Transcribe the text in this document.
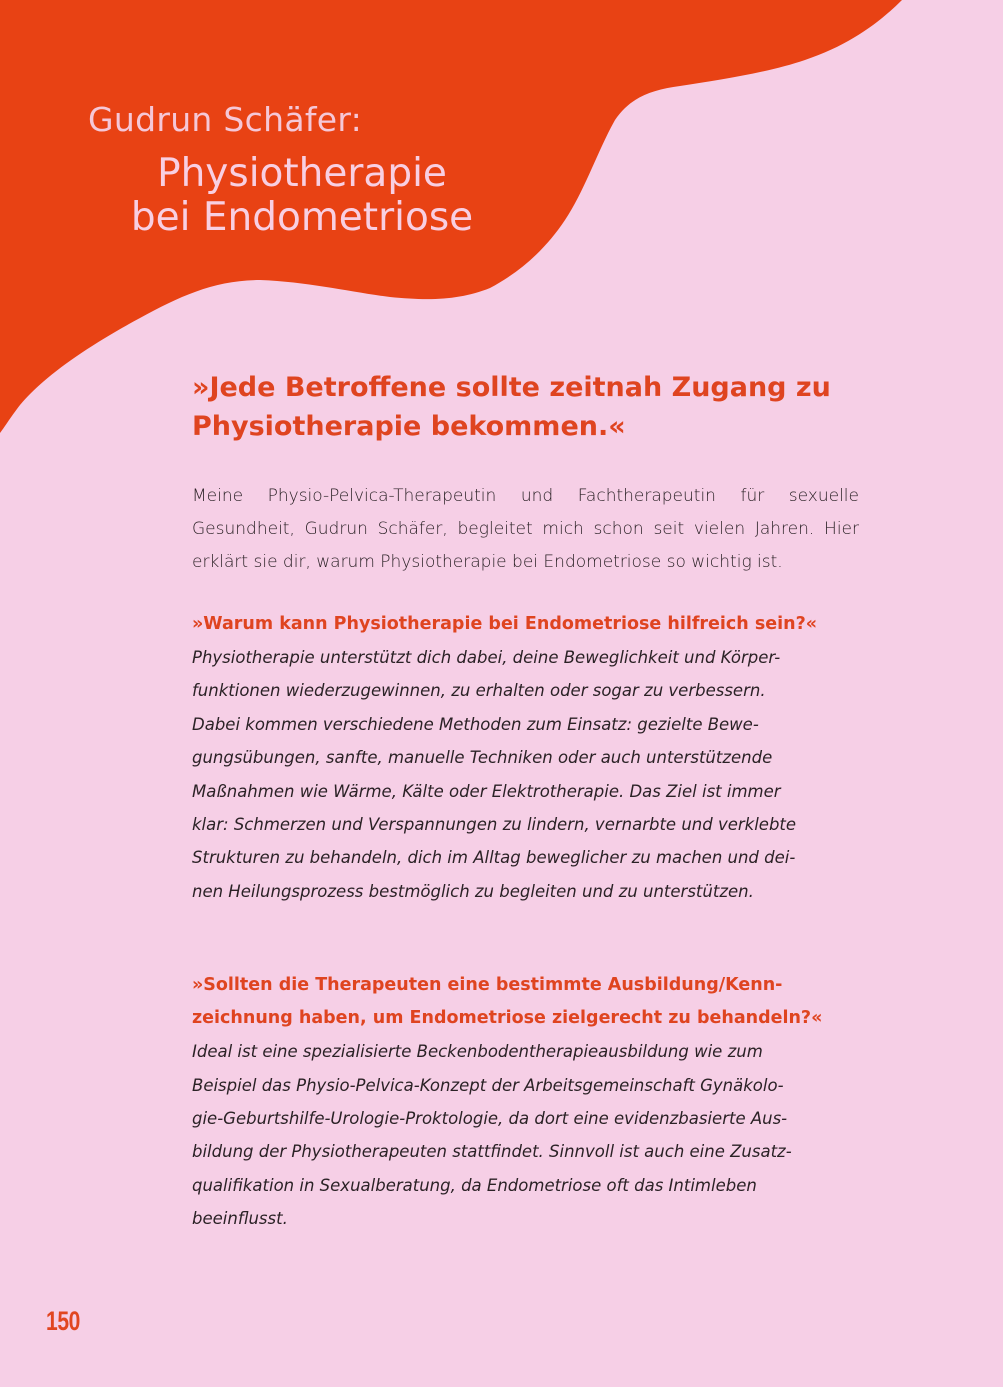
Gudrun Schäfer:
Physiotherapie
bei Endometriose
»Jede Betroffene sollte zeitnah Zugang zu
Physiotherapie bekommen.«

Meine Physio-Pelvica-Therapeutin und Fachtherapeutin für sexuelle Gesundheit, Gudrun Schäfer, begleitet mich schon seit vielen Jahren. Hier erklärt sie dir, warum Physiotherapie bei Endometriose so wichtig ist.

»Warum kann Physiotherapie bei Endometriose hilfreich sein?«
Physiotherapie unterstützt dich dabei, deine Beweglichkeit und Körper-
funktionen wiederzugewinnen, zu erhalten oder sogar zu verbessern.
Dabei kommen verschiedene Methoden zum Einsatz: gezielte Bewe-
gungsübungen, sanfte, manuelle Techniken oder auch unterstützende
Maßnahmen wie Wärme, Kälte oder Elektrotherapie. Das Ziel ist immer
klar: Schmerzen und Verspannungen zu lindern, vernarbte und verklebte
Strukturen zu behandeln, dich im Alltag beweglicher zu machen und dei-
nen Heilungsprozess bestmöglich zu begleiten und zu unterstützen.
»Sollten die Therapeuten eine bestimmte Ausbildung/Kenn-
zeichnung haben, um Endometriose zielgerecht zu behandeln?«
Ideal ist eine spezialisierte Beckenbodentherapieausbildung wie zum
Beispiel das Physio-Pelvica-Konzept der Arbeitsgemeinschaft Gynäkolo-
gie-Geburtshilfe-Urologie-Proktologie, da dort eine evidenzbasierte Aus-
bildung der Physiotherapeuten stattfindet. Sinnvoll ist auch eine Zusatz-
qualifikation in Sexualberatung, da Endometriose oft das Intimleben
beeinflusst.
150
